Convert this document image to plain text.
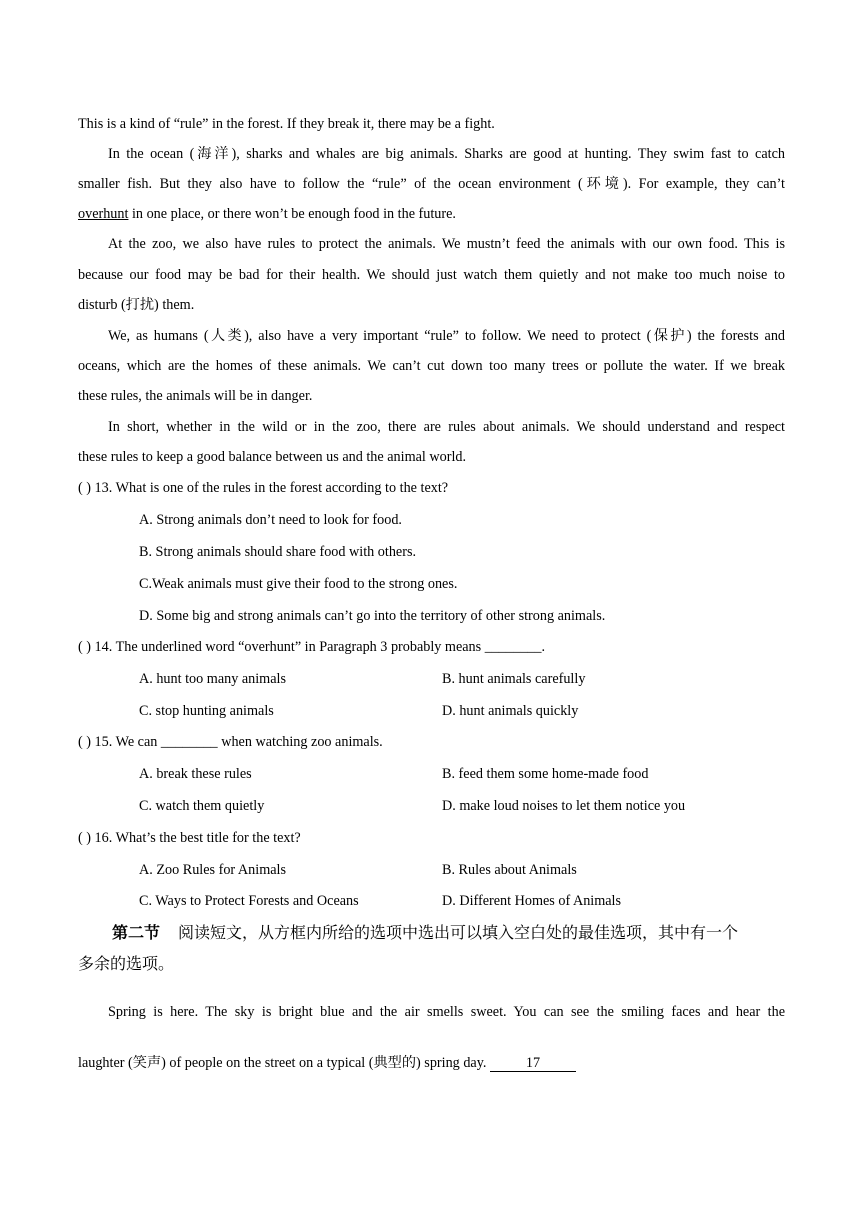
This is a kind of “rule” in the forest. If they break it, there may be a fight.
In the ocean (海洋), sharks and whales are big animals. Sharks are good at hunting. They swim fast to catch
smaller fish. But they also have to follow the “rule” of the ocean environment (环境). For example, they can’t
overhunt in one place, or there won’t be enough food in the future.
At the zoo, we also have rules to protect the animals. We mustn’t feed the animals with our own food. This is
because our food may be bad for their health. We should just watch them quietly and not make too much noise to
disturb (打扰) them.
We, as humans (人类), also have a very important “rule” to follow. We need to protect (保护) the forests and
oceans, which are the homes of these animals. We can’t cut down too many trees or pollute the water. If we break
these rules, the animals will be in danger.
In short, whether in the wild or in the zoo, there are rules about animals. We should understand and respect
these rules to keep a good balance between us and the animal world.
( ) 13. What is one of the rules in the forest according to the text?
A. Strong animals don’t need to look for food.
B. Strong animals should share food with others.
C.Weak animals must give their food to the strong ones.
D. Some big and strong animals can’t go into the territory of other strong animals.
( ) 14. The underlined word “overhunt” in Paragraph 3 probably means ________.
A. hunt too many animals	B. hunt animals carefully
C. stop hunting animals	D. hunt animals quickly
( ) 15. We can ________ when watching zoo animals.
A. break these rules	B. feed them some home-made food
C. watch them quietly	D. make loud noises to let them notice you
( ) 16. What’s the best title for the text?
A. Zoo Rules for Animals	B. Rules about Animals
C. Ways to Protect Forests and Oceans	D. Different Homes of Animals
第二节 阅读短文，从方框内所给的选项中选出可以填入空白处的最佳选项，其中有一个
多余的选项。
Spring is here. The sky is bright blue and the air smells sweet. You can see the smiling faces and hear the
laughter (笑声) of people on the street on a typical (典型的) spring day.	17
